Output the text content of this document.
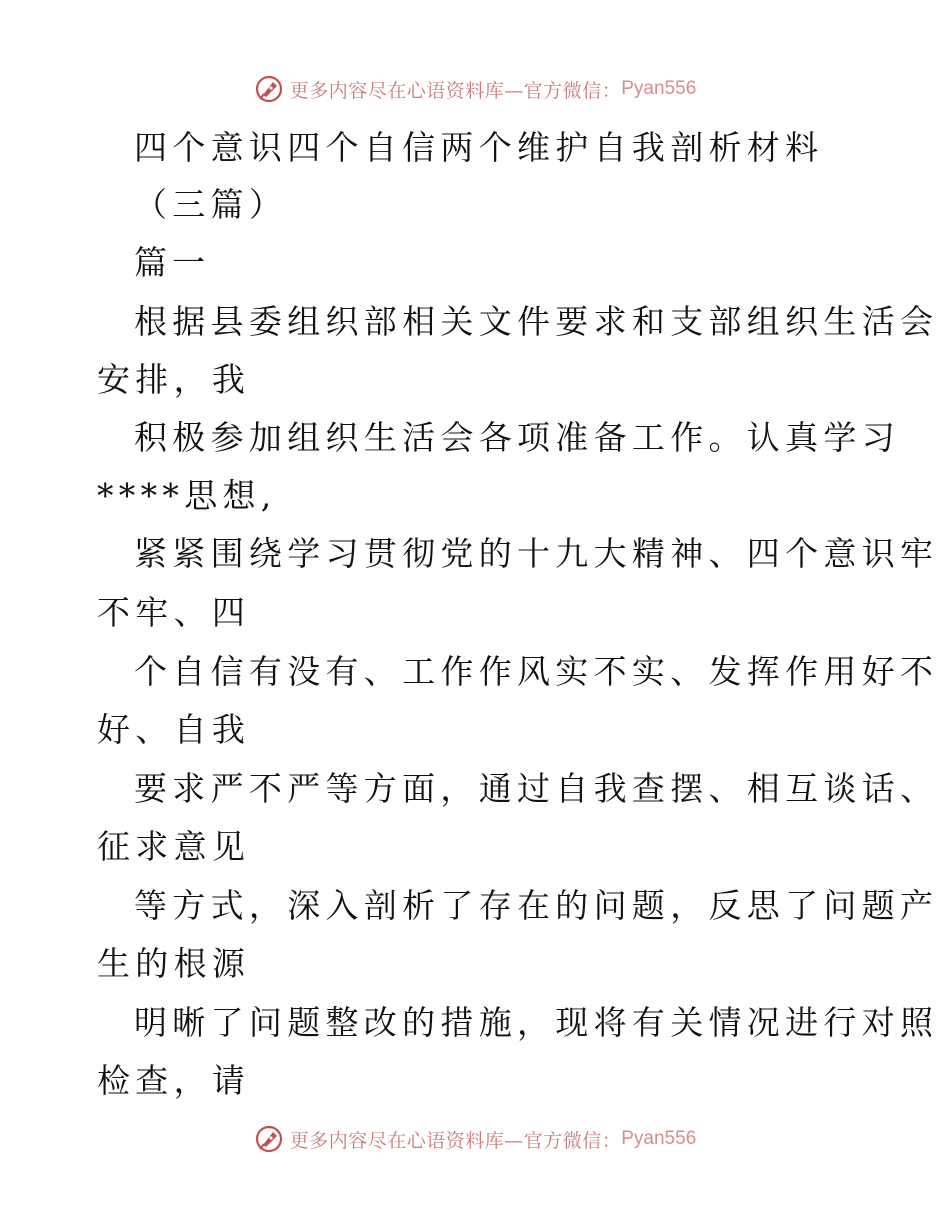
更多内容尽在心语资料库—官方微信： Pyan556
四个意识四个自信两个维护自我剖析材料
（三篇）
篇一
根据县委组织部相关文件要求和支部组织生活会
安排，我
积极参加组织生活会各项准备工作。认真学习
****思想,
紧紧围绕学习贯彻党的十九大精神、四个意识牢
不牢、四
个自信有没有、工作作风实不实、发挥作用好不
好、自我
要求严不严等方面，通过自我查摆、相互谈话、
征求意见
等方式，深入剖析了存在的问题，反思了问题产
生的根源
明晰了问题整改的措施，现将有关情况进行对照
检查，请
更多内容尽在心语资料库—官方微信： Pyan556
